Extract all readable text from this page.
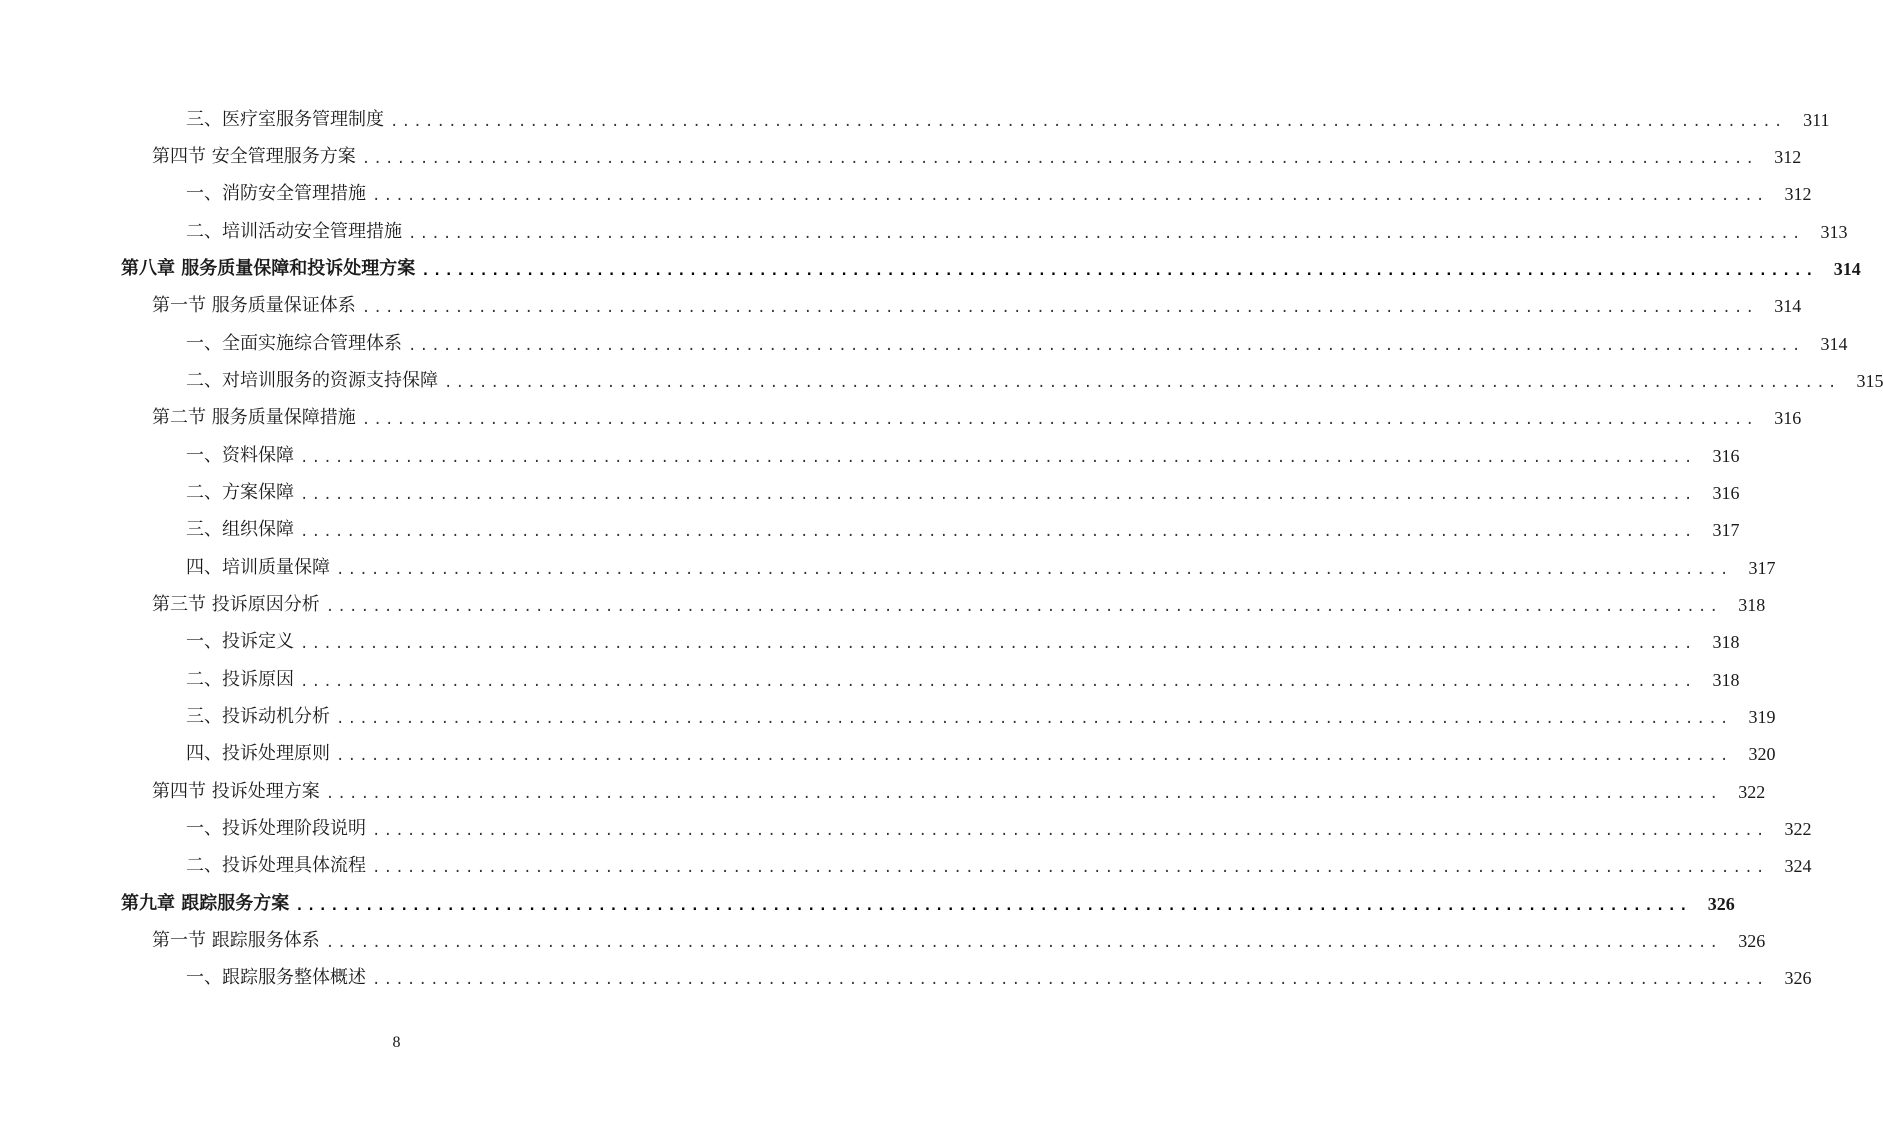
三、医疗室服务管理制度 ........................................................................................................................ 311
第四节 安全管理服务方案 ........................................................................................................................ 312
一、消防安全管理措施 ........................................................................................................................ 312
二、培训活动安全管理措施 ........................................................................................................................ 313
第八章 服务质量保障和投诉处理方案 ........................................................................................................................ 314
第一节 服务质量保证体系 ........................................................................................................................ 314
一、全面实施综合管理体系 ........................................................................................................................ 314
二、对培训服务的资源支持保障 ........................................................................................................................ 315
第二节 服务质量保障措施 ........................................................................................................................ 316
一、资料保障 ........................................................................................................................ 316
二、方案保障 ........................................................................................................................ 316
三、组织保障 ........................................................................................................................ 317
四、培训质量保障 ........................................................................................................................ 317
第三节 投诉原因分析 ........................................................................................................................ 318
一、投诉定义 ........................................................................................................................ 318
二、投诉原因 ........................................................................................................................ 318
三、投诉动机分析 ........................................................................................................................ 319
四、投诉处理原则 ........................................................................................................................ 320
第四节 投诉处理方案 ........................................................................................................................ 322
一、投诉处理阶段说明 ........................................................................................................................ 322
二、投诉处理具体流程 ........................................................................................................................ 324
第九章 跟踪服务方案 ........................................................................................................................ 326
第一节 跟踪服务体系 ........................................................................................................................ 326
一、跟踪服务整体概述 ........................................................................................................................ 326
8
